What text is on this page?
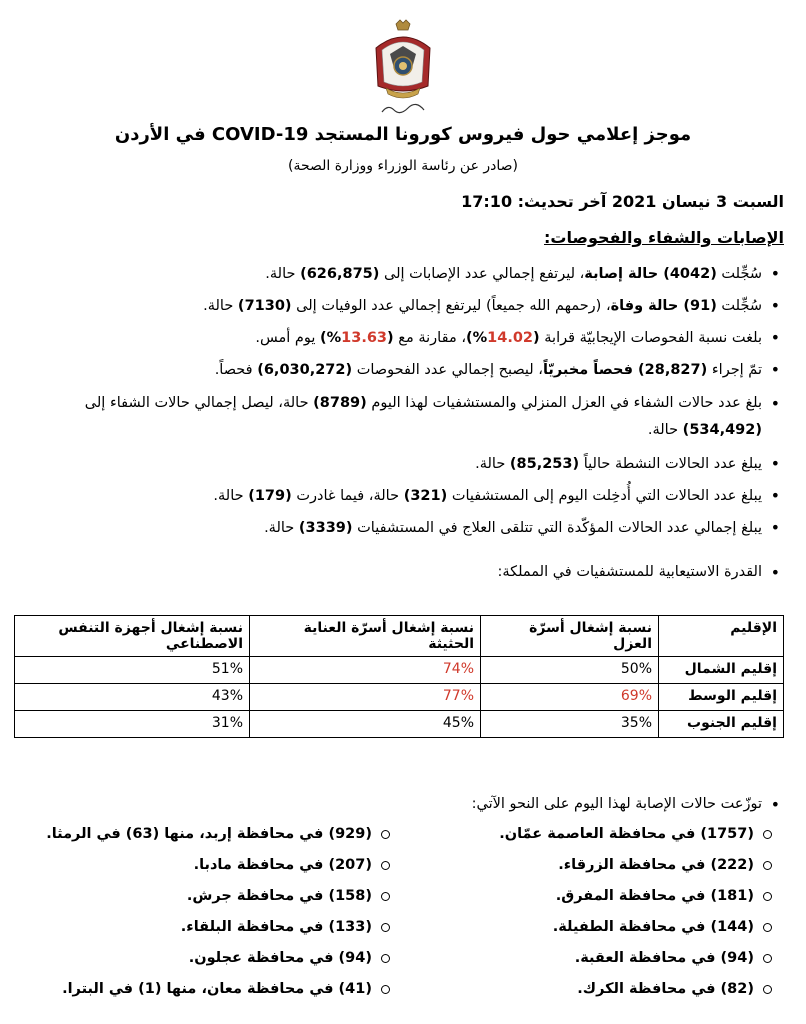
موجز إعلامي حول فيروس كورونا المستجد COVID-19 في الأردن
(صادر عن رئاسة الوزراء ووزارة الصحة)
السبت 3 نيسان 2021 آخر تحديث: 17:10
الإصابات والشفاء والفحوصات:
• سُجِّلت (4042) حالة إصابة، ليرتفع إجمالي عدد الإصابات إلى (626,875) حالة.
• سُجِّلت (91) حالة وفاة، (رحمهم الله جميعاً) ليرتفع إجمالي عدد الوفيات إلى (7130) حالة.
• بلغت نسبة الفحوصات الإيجابيّة قرابة (14.02%)، مقارنة مع (13.63%) يوم أمس.
• تمّ إجراء (28,827) فحصاً مخبريّاً، ليصبح إجمالي عدد الفحوصات (6,030,272) فحصاً.
• بلغ عدد حالات الشفاء في العزل المنزلي والمستشفيات لهذا اليوم (8789) حالة، ليصل إجمالي حالات الشفاء إلى (534,492) حالة.
• يبلغ عدد الحالات النشطة حالياً (85,253) حالة.
• يبلغ عدد الحالات التي أُدخِلت اليوم إلى المستشفيات (321) حالة، فيما غادرت (179) حالة.
• يبلغ إجمالي عدد الحالات المؤكّدة التي تتلقى العلاج في المستشفيات (3339) حالة.
• القدرة الاستيعابية للمستشفيات في المملكة:
الإقليم	نسبة إشغال أسرّة العزل	نسبة إشغال أسرّة العناية الحثيثة	نسبة إشغال أجهزة التنفس الاصطناعي
إقليم الشمال	50%	74%	51%
إقليم الوسط	69%	77%	43%
إقليم الجنوب	35%	45%	31%
• توزّعت حالات الإصابة لهذا اليوم على النحو الآتي:
(1757) في محافظة العاصمة عمّان.
(222) في محافظة الزرقاء.
(181) في محافظة المفرق.
(144) في محافظة الطفيلة.
(94) في محافظة العقبة.
(82) في محافظة الكرك.
(929) في محافظة إربد، منها (63) في الرمثا.
(207) في محافظة مادبا.
(158) في محافظة جرش.
(133) في محافظة البلقاء.
(94) في محافظة عجلون.
(41) في محافظة معان، منها (1) في البترا.
